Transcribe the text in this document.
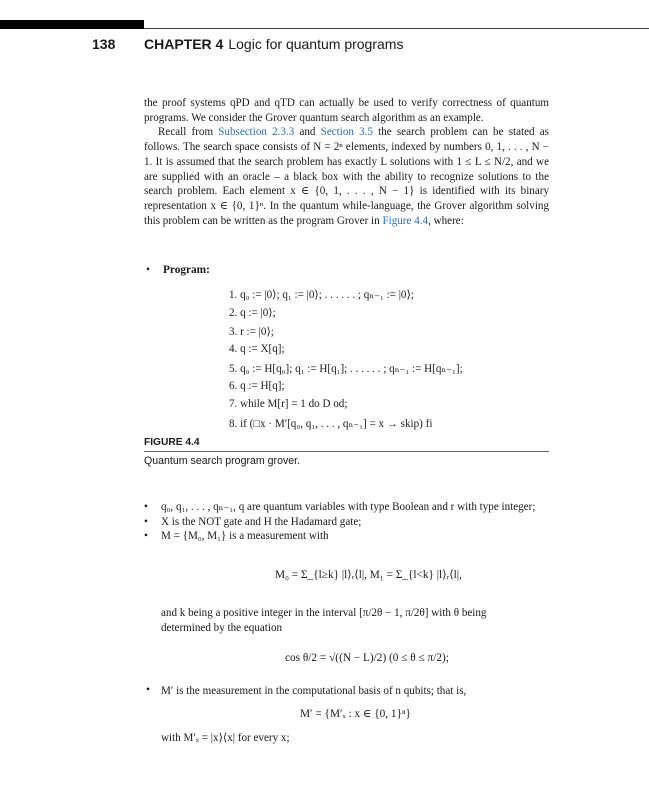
138 CHAPTER 4 Logic for quantum programs

the proof systems qPD and qTD can actually be used to verify correctness of quantum programs. We consider the Grover quantum search algorithm as an example.

Recall from Subsection 2.3.3 and Section 3.5 the search problem can be stated as follows. The search space consists of N = 2ⁿ elements, indexed by numbers 0, 1, . . . , N − 1. It is assumed that the search problem has exactly L solutions with 1 ≤ L ≤ N/2, and we are supplied with an oracle – a black box with the ability to recognize solutions to the search problem. Each element x ∈ {0, 1, . . . , N − 1} is identified with its binary representation x ∈ {0, 1}ⁿ. In the quantum while-language, the Grover algorithm solving this problem can be written as the program Grover in Figure 4.4, where:

• Program:
1. q₀ := |0⟩; q₁ := |0⟩; . . . . . . ; qₙ₋₁ := |0⟩;
2. q := |0⟩;
3. r := |0⟩;
4. q := X[q];
5. q₀ := H[q₀]; q₁ := H[q₁]; . . . . . . ; qₙ₋₁ := H[qₙ₋₁];
6. q := H[q];
7. while M[r] = 1 do D od;
8. if (□x · M′[q₀, q₁, . . . , qₙ₋₁] = x → skip) fi
FIGURE 4.4
Quantum search program grover.
• q₀, q₁, . . . , qₙ₋₁, q are quantum variables with type Boolean and r with type integer;
• X is the NOT gate and H the Hadamard gate;
• M = {M₀, M₁} is a measurement with
M₀ = Σ_{l≥k} |l⟩ᵣ⟨l|, M₁ = Σ_{l<k} |l⟩ᵣ⟨l|,
and k being a positive integer in the interval [π/2θ − 1, π/2θ] with θ being
determined by the equation
cos θ/2 = √((N − L)/2) (0 ≤ θ ≤ π/2);
• M′ is the measurement in the computational basis of n qubits; that is,
M′ = {M′ₓ : x ∈ {0, 1}ⁿ}
with M′ₓ = |x⟩⟨x| for every x;
